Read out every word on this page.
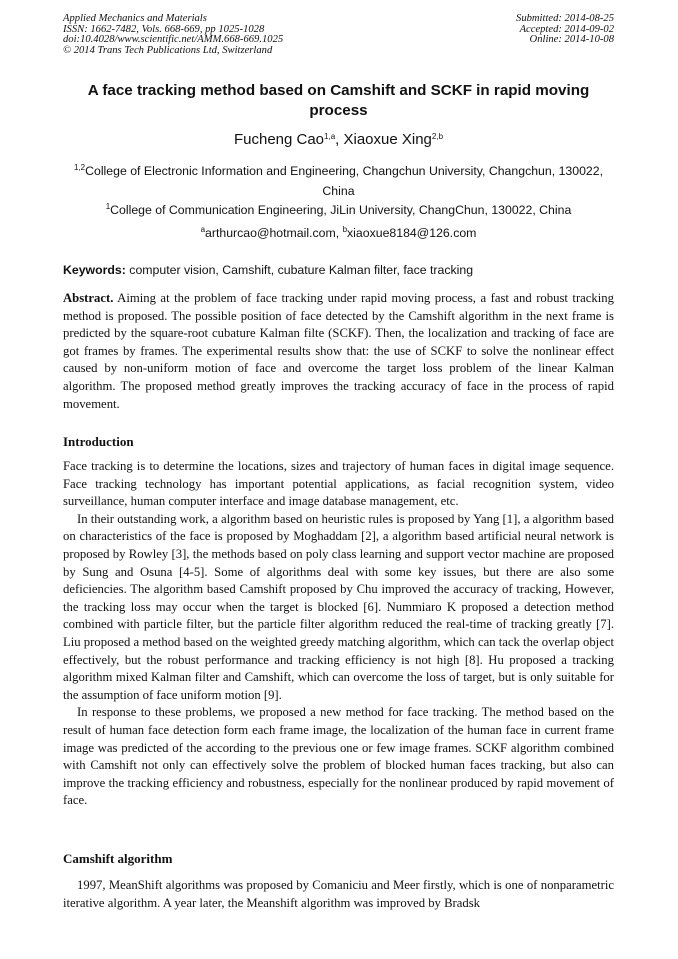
Applied Mechanics and Materials
ISSN: 1662-7482, Vols. 668-669, pp 1025-1028
doi:10.4028/www.scientific.net/AMM.668-669.1025
© 2014 Trans Tech Publications Ltd, Switzerland
Submitted: 2014-08-25
Accepted: 2014-09-02
Online: 2014-10-08
A face tracking method based on Camshift and SCKF in rapid moving
process
Fucheng Cao$^{1,a}$, Xiaoxue Xing$^{2,b}$
$^{1,2}$College of Electronic Information and Engineering, Changchun University, Changchun, 130022,
China
$^1$College of Communication Engineering, JiLin University, ChangChun, 130022, China
$^a$arthurcao@hotmail.com, $^b$xiaoxue8184@126.com
Keywords: computer vision, Camshift, cubature Kalman filter, face tracking

Abstract. Aiming at the problem of face tracking under rapid moving process, a fast and robust tracking method is proposed. The possible position of face detected by the Camshift algorithm in the next frame is predicted by the square-root cubature Kalman filte (SCKF). Then, the localization and tracking of face are got frames by frames. The experimental results show that: the use of SCKF to solve the nonlinear effect caused by non-uniform motion of face and overcome the target loss problem of the linear Kalman algorithm. The proposed method greatly improves the tracking accuracy of face in the process of rapid movement.

Introduction

Face tracking is to determine the locations, sizes and trajectory of human faces in digital image sequence. Face tracking technology has important potential applications, as facial recognition system, video surveillance, human computer interface and image database management, etc.

In their outstanding work, a algorithm based on heuristic rules is proposed by Yang [1], a algorithm based on characteristics of the face is proposed by Moghaddam [2], a algorithm based artificial neural network is proposed by Rowley [3], the methods based on poly class learning and support vector machine are proposed by Sung and Osuna [4-5]. Some of algorithms deal with some key issues, but there are also some deficiencies. The algorithm based Camshift proposed by Chu improved the accuracy of tracking, However, the tracking loss may occur when the target is blocked [6]. Nummiaro K proposed a detection method combined with particle filter, but the particle filter algorithm reduced the real-time of tracking greatly [7]. Liu proposed a method based on the weighted greedy matching algorithm, which can tack the overlap object effectively, but the robust performance and tracking efficiency is not high [8]. Hu proposed a tracking algorithm mixed Kalman filter and Camshift, which can overcome the loss of target, but is only suitable for the assumption of face uniform motion [9].

In response to these problems, we proposed a new method for face tracking. The method based on the result of human face detection form each frame image, the localization of the human face in current frame image was predicted of the according to the previous one or few image frames. SCKF algorithm combined with Camshift not only can effectively solve the problem of blocked human faces tracking, but also can improve the tracking efficiency and robustness, especially for the nonlinear produced by rapid movement of face.

Camshift algorithm

1997, MeanShift algorithms was proposed by Comaniciu and Meer firstly, which is one of nonparametric iterative algorithm. A year later, the Meanshift algorithm was improved by Bradsk
